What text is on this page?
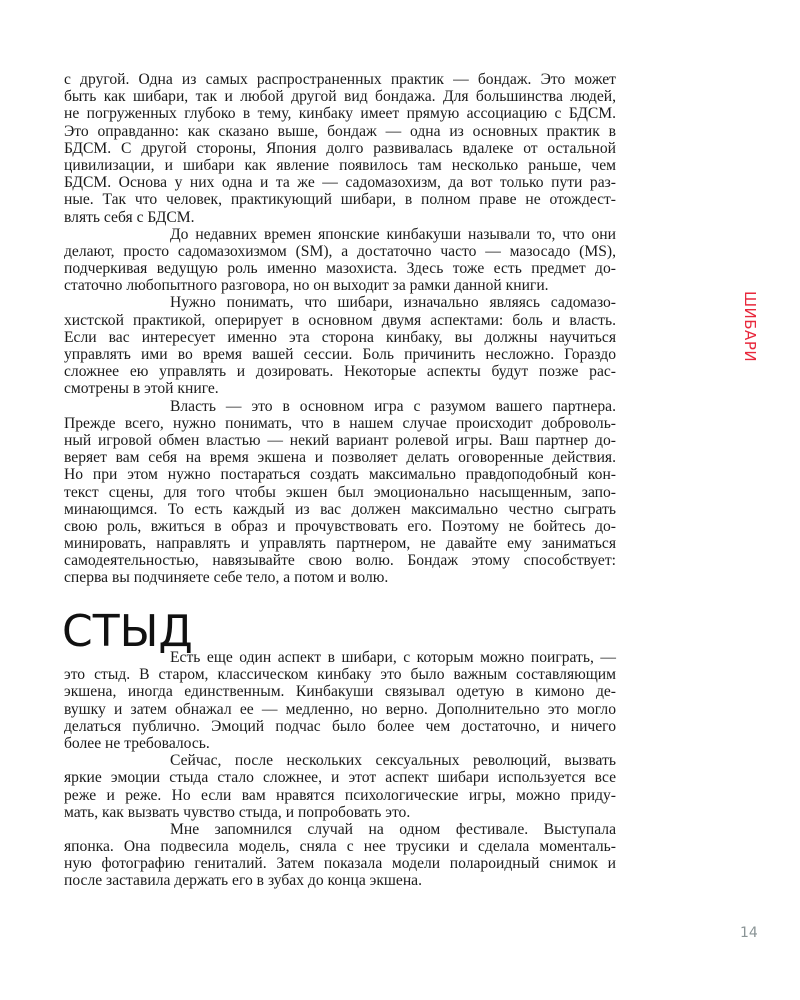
с другой. Одна из самых распространенных практик — бондаж. Это может
быть как шибари, так и любой другой вид бондажа. Для большинства людей,
не погруженных глубоко в тему, кинбаку имеет прямую ассоциацию с БДСМ.
Это оправданно: как сказано выше, бондаж — одна из основных практик в
БДСМ. С другой стороны, Япония долго развивалась вдалеке от остальной
цивилизации, и шибари как явление появилось там несколько раньше, чем
БДСМ. Основа у них одна и та же — садомазохизм, да вот только пути раз-
ные. Так что человек, практикующий шибари, в полном праве не отождест-
влять себя с БДСМ.
До недавних времен японские кинбакуши называли то, что они
делают, просто садомазохизмом (SM), а достаточно часто — мазосадо (MS),
подчеркивая ведущую роль именно мазохиста. Здесь тоже есть предмет до-
статочно любопытного разговора, но он выходит за рамки данной книги.
Нужно понимать, что шибари, изначально являясь садомазо-
хистской практикой, оперирует в основном двумя аспектами: боль и власть.
Если вас интересует именно эта сторона кинбаку, вы должны научиться
управлять ими во время вашей сессии. Боль причинить несложно. Гораздо
сложнее ею управлять и дозировать. Некоторые аспекты будут позже рас-
смотрены в этой книге.
Власть — это в основном игра с разумом вашего партнера.
Прежде всего, нужно понимать, что в нашем случае происходит доброволь-
ный игровой обмен властью — некий вариант ролевой игры. Ваш партнер до-
веряет вам себя на время экшена и позволяет делать оговоренные действия.
Но при этом нужно постараться создать максимально правдоподобный кон-
текст сцены, для того чтобы экшен был эмоционально насыщенным, запо-
минающимся. То есть каждый из вас должен максимально честно сыграть
свою роль, вжиться в образ и прочувствовать его. Поэтому не бойтесь до-
минировать, направлять и управлять партнером, не давайте ему заниматься
самодеятельностью, навязывайте свою волю. Бондаж этому способствует:
сперва вы подчиняете себе тело, а потом и волю.
СТЫД
Есть еще один аспект в шибари, с которым можно поиграть, —
это стыд. В старом, классическом кинбаку это было важным составляющим
экшена, иногда единственным. Кинбакуши связывал одетую в кимоно де-
вушку и затем обнажал ее — медленно, но верно. Дополнительно это могло
делаться публично. Эмоций подчас было более чем достаточно, и ничего
более не требовалось.
Сейчас, после нескольких сексуальных революций, вызвать
яркие эмоции стыда стало сложнее, и этот аспект шибари используется все
реже и реже. Но если вам нравятся психологические игры, можно приду-
мать, как вызвать чувство стыда, и попробовать это.
Мне запомнился случай на одном фестивале. Выступала
японка. Она подвесила модель, сняла с нее трусики и сделала моменталь-
ную фотографию гениталий. Затем показала модели полароидный снимок и
после заставила держать его в зубах до конца экшена.
ШИБАРИ
14
